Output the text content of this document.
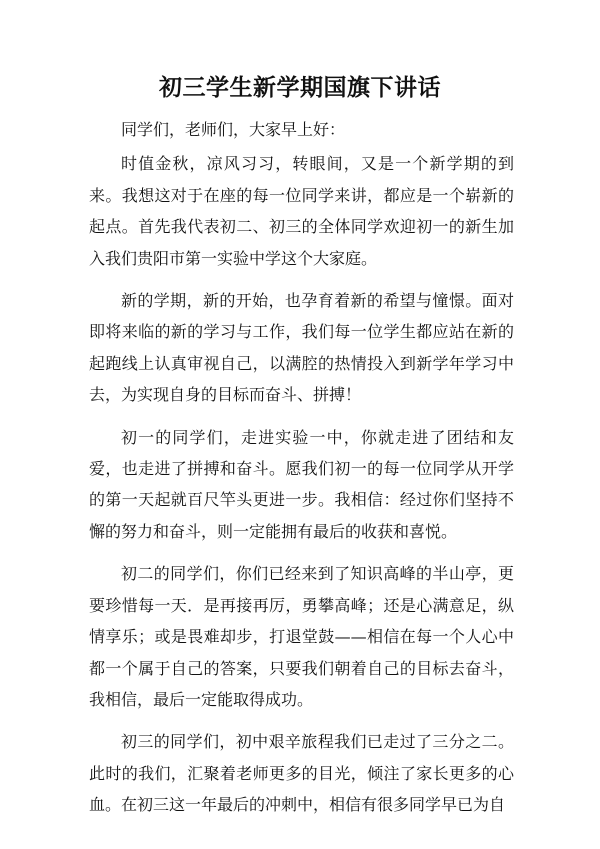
初三学生新学期国旗下讲话

同学们，老师们，大家早上好：

时值金秋，凉风习习，转眼间，又是一个新学期的到来。我想这对于在座的每一位同学来讲，都应是一个崭新的起点。首先我代表初二、初三的全体同学欢迎初一的新生加入我们贵阳市第一实验中学这个大家庭。

新的学期，新的开始，也孕育着新的希望与憧憬。面对即将来临的新的学习与工作，我们每一位学生都应站在新的起跑线上认真审视自己，以满腔的热情投入到新学年学习中去，为实现自身的目标而奋斗、拼搏！

初一的同学们，走进实验一中，你就走进了团结和友爱，也走进了拼搏和奋斗。愿我们初一的每一位同学从开学的第一天起就百尺竿头更进一步。我相信：经过你们坚持不懈的努力和奋斗，则一定能拥有最后的收获和喜悦。

初二的同学们，你们已经来到了知识高峰的半山亭，更要珍惜每一天．是再接再厉，勇攀高峰；还是心满意足，纵情享乐；或是畏难却步，打退堂鼓——相信在每一个人心中都一个属于自己的答案，只要我们朝着自己的目标去奋斗，我相信，最后一定能取得成功。

初三的同学们，初中艰辛旅程我们已走过了三分之二。此时的我们，汇聚着老师更多的目光，倾注了家长更多的心血。在初三这一年最后的冲刺中，相信有很多同学早已为自
